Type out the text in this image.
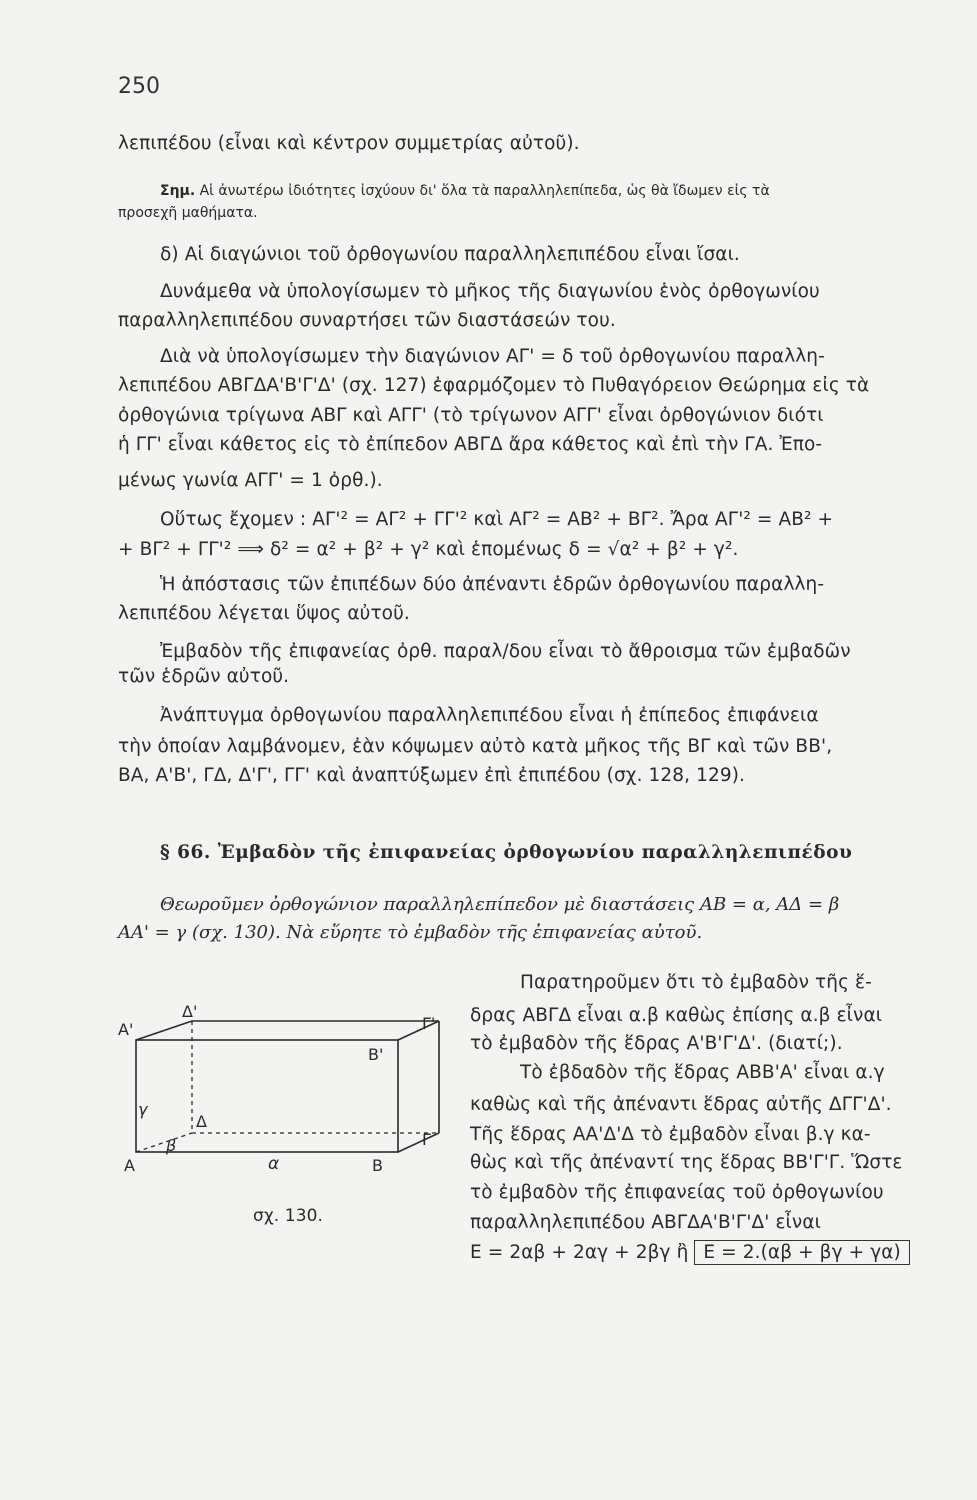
250
λεπιπέδου (εἶναι καὶ κέντρον συμμετρίας αὐτοῦ).
Σημ. Αἱ ἀνωτέρω ἰδιότητες ἰσχύουν δι' ὅλα τὰ παραλληλεπίπεδα, ὡς θὰ ἴδωμεν εἰς τὰ
προσεχῆ μαθήματα.
δ) Αἱ διαγώνιοι τοῦ ὀρθογωνίου παραλληλεπιπέδου εἶναι ἴσαι.
Δυνάμεθα νὰ ὑπολογίσωμεν τὸ μῆκος τῆς διαγωνίου ἑνὸς ὀρθογωνίου
παραλληλεπιπέδου συναρτήσει τῶν διαστάσεών του.
Διὰ νὰ ὑπολογίσωμεν τὴν διαγώνιον ΑΓ' = δ τοῦ ὀρθογωνίου παραλλη-
λεπιπέδου ΑΒΓΔΑ'Β'Γ'Δ' (σχ. 127) ἐφαρμόζομεν τὸ Πυθαγόρειον Θεώρημα εἰς τὰ
ὀρθογώνια τρίγωνα ΑΒΓ καὶ ΑΓΓ' (τὸ τρίγωνον ΑΓΓ' εἶναι ὀρθογώνιον διότι
ἡ ΓΓ' εἶναι κάθετος εἰς τὸ ἐπίπεδον ΑΒΓΔ ἄρα κάθετος καὶ ἐπὶ τὴν ΓΑ. Ἐπο-
μένως γωνία ΑΓΓ' = 1 ὀρθ.).
Οὕτως ἔχομεν : ΑΓ'² = ΑΓ² + ΓΓ'² καὶ ΑΓ² = ΑΒ² + ΒΓ². Ἄρα ΑΓ'² = ΑΒ² +
+ ΒΓ² + ΓΓ'² ⟹ δ² = α² + β² + γ² καὶ ἑπομένως δ = √α² + β² + γ².
Ἡ ἀπόστασις τῶν ἐπιπέδων δύο ἀπέναντι ἑδρῶν ὀρθογωνίου παραλλη-
λεπιπέδου λέγεται ὕψος αὐτοῦ.
Ἐμβαδὸν τῆς ἐπιφανείας ὀρθ. παραλ/δου εἶναι τὸ ἄθροισμα τῶν ἐμβαδῶν
τῶν ἑδρῶν αὐτοῦ.
Ἀνάπτυγμα ὀρθογωνίου παραλληλεπιπέδου εἶναι ἡ ἐπίπεδος ἐπιφάνεια
τὴν ὁποίαν λαμβάνομεν, ἐὰν κόψωμεν αὐτὸ κατὰ μῆκος τῆς ΒΓ καὶ τῶν ΒΒ',
ΒΑ, Α'Β', ΓΔ, Δ'Γ', ΓΓ' καὶ ἀναπτύξωμεν ἐπὶ ἐπιπέδου (σχ. 128, 129).
§ 66. Ἐμβαδὸν τῆς ἐπιφανείας ὀρθογωνίου παραλληλεπιπέδου
Θεωροῦμεν ὀρθογώνιον παραλληλεπίπεδον μὲ διαστάσεις ΑΒ = α, ΑΔ = β
ΑΑ' = γ (σχ. 130). Νὰ εὕρητε τὸ ἐμβαδὸν τῆς ἐπιφανείας αὐτοῦ.
Παρατηροῦμεν ὅτι τὸ ἐμβαδὸν τῆς ἕ-
δρας ΑΒΓΔ εἶναι α.β καθὼς ἐπίσης α.β εἶναι
τὸ ἐμβαδὸν τῆς ἕδρας Α'Β'Γ'Δ'. (διατί;).
Τὸ ἐβδαδὸν τῆς ἕδρας ΑΒΒ'Α' εἶναι α.γ
καθὼς καὶ τῆς ἀπέναντι ἕδρας αὐτῆς ΔΓΓ'Δ'.
Τῆς ἕδρας ΑΑ'Δ'Δ τὸ ἐμβαδὸν εἶναι β.γ κα-
θὼς καὶ τῆς ἀπέναντί της ἕδρας ΒΒ'Γ'Γ. Ὥστε
τὸ ἐμβαδὸν τῆς ἐπιφανείας τοῦ ὀρθογωνίου
παραλληλεπιπέδου ΑΒΓΔΑ'Β'Γ'Δ' εἶναι
Ε = 2αβ + 2αγ + 2βγ ἢ Ε = 2.(αβ + βγ + γα)
Α'
Δ'
Γ'
Β'
Δ
Γ
Α	Β
γ
β
α
σχ. 130.
